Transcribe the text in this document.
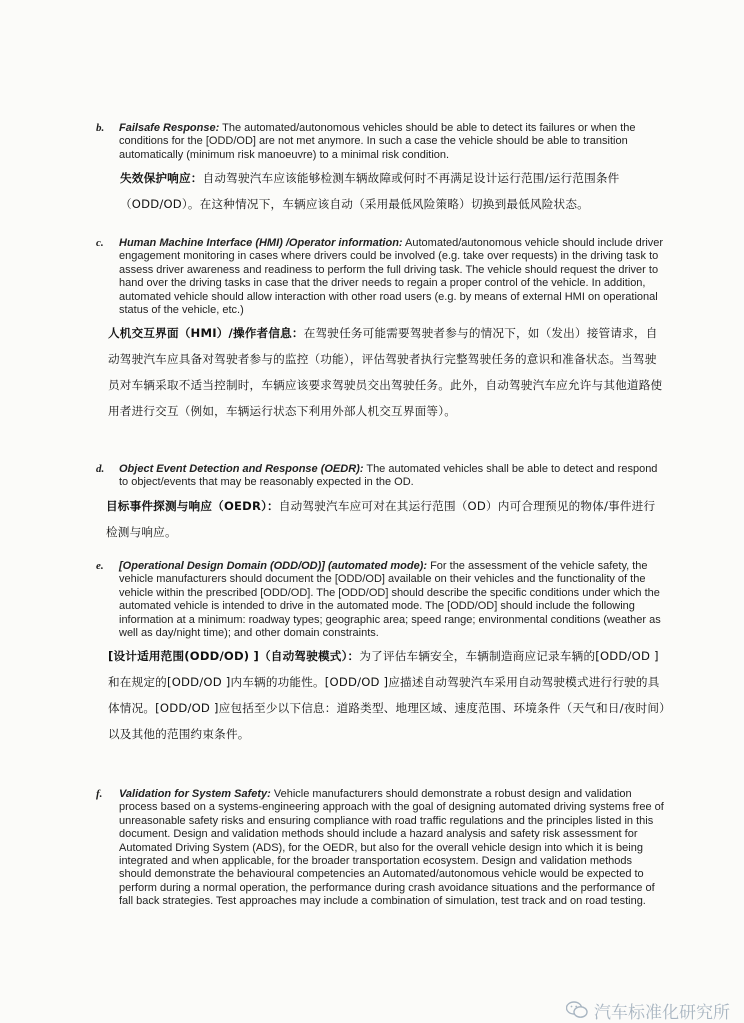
b. Failsafe Response: The automated/autonomous vehicles should be able to detect its failures or when the conditions for the [ODD/OD] are not met anymore. In such a case the vehicle should be able to transition automatically (minimum risk manoeuvre) to a minimal risk condition.
失效保护响应：自动驾驶汽车应该能够检测车辆故障或何时不再满足设计运行范围/运行范围条件（ODD/OD）。在这种情况下，车辆应该自动（采用最低风险策略）切换到最低风险状态。
c. Human Machine Interface (HMI) /Operator information: Automated/autonomous vehicle should include driver engagement monitoring in cases where drivers could be involved (e.g. take over requests) in the driving task to assess driver awareness and readiness to perform the full driving task. The vehicle should request the driver to hand over the driving tasks in case that the driver needs to regain a proper control of the vehicle. In addition, automated vehicle should allow interaction with other road users (e.g. by means of external HMI on operational status of the vehicle, etc.)
人机交互界面（HMI）/操作者信息：在驾驶任务可能需要驾驶者参与的情况下，如（发出）接管请求，自动驾驶汽车应具备对驾驶者参与的监控（功能），评估驾驶者执行完整驾驶任务的意识和准备状态。当驾驶员对车辆采取不适当控制时，车辆应该要求驾驶员交出驾驶任务。此外，自动驾驶汽车应允许与其他道路使用者进行交互（例如，车辆运行状态下利用外部人机交互界面等）。
d. Object Event Detection and Response (OEDR): The automated vehicles shall be able to detect and respond to object/events that may be reasonably expected in the OD.
目标事件探测与响应（OEDR）：自动驾驶汽车应可对在其运行范围（OD）内可合理预见的物体/事件进行检测与响应。
e. [Operational Design Domain (ODD/OD)] (automated mode): For the assessment of the vehicle safety, the vehicle manufacturers should document the [ODD/OD] available on their vehicles and the functionality of the vehicle within the prescribed [ODD/OD]. The [ODD/OD] should describe the specific conditions under which the automated vehicle is intended to drive in the automated mode. The [ODD/OD] should include the following information at a minimum: roadway types; geographic area; speed range; environmental conditions (weather as well as day/night time); and other domain constraints.
[设计适用范围(ODD/OD) ]（自动驾驶模式）：为了评估车辆安全，车辆制造商应记录车辆的[ODD/OD ]和在规定的[ODD/OD ]内车辆的功能性。[ODD/OD ]应描述自动驾驶汽车采用自动驾驶模式进行行驶的具体情况。[ODD/OD ]应包括至少以下信息：道路类型、地理区域、速度范围、环境条件（天气和日/夜时间）以及其他的范围约束条件。
f. Validation for System Safety: Vehicle manufacturers should demonstrate a robust design and validation process based on a systems-engineering approach with the goal of designing automated driving systems free of unreasonable safety risks and ensuring compliance with road traffic regulations and the principles listed in this document. Design and validation methods should include a hazard analysis and safety risk assessment for Automated Driving System (ADS), for the OEDR, but also for the overall vehicle design into which it is being integrated and when applicable, for the broader transportation ecosystem. Design and validation methods should demonstrate the behavioural competencies an Automated/autonomous vehicle would be expected to perform during a normal operation, the performance during crash avoidance situations and the performance of fall back strategies. Test approaches may include a combination of simulation, test track and on road testing.
汽车标准化研究所
